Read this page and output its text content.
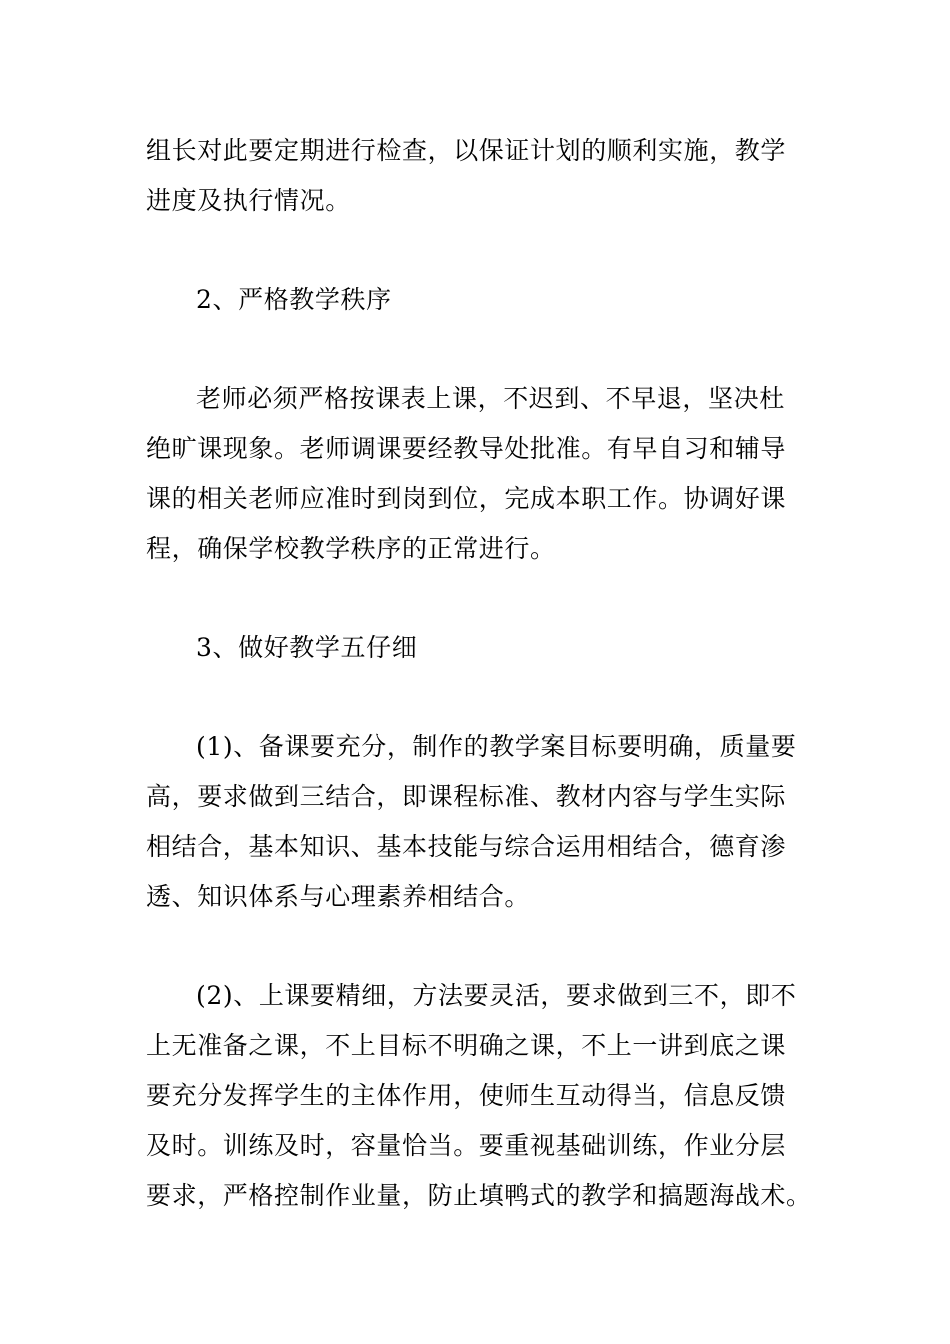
组长对此要定期进行检查，以保证计划的顺利实施，教学
进度及执行情况。

2、严格教学秩序

老师必须严格按课表上课，不迟到、不早退，坚决杜
绝旷课现象。老师调课要经教导处批准。有早自习和辅导
课的相关老师应准时到岗到位，完成本职工作。协调好课
程，确保学校教学秩序的正常进行。

3、做好教学五仔细

(1)、备课要充分，制作的教学案目标要明确，质量要
高，要求做到三结合，即课程标准、教材内容与学生实际
相结合，基本知识、基本技能与综合运用相结合，德育渗
透、知识体系与心理素养相结合。

(2)、上课要精细，方法要灵活，要求做到三不，即不
上无准备之课，不上目标不明确之课，不上一讲到底之课
要充分发挥学生的主体作用，使师生互动得当，信息反馈
及时。训练及时，容量恰当。要重视基础训练，作业分层
要求，严格控制作业量，防止填鸭式的教学和搞题海战术。
